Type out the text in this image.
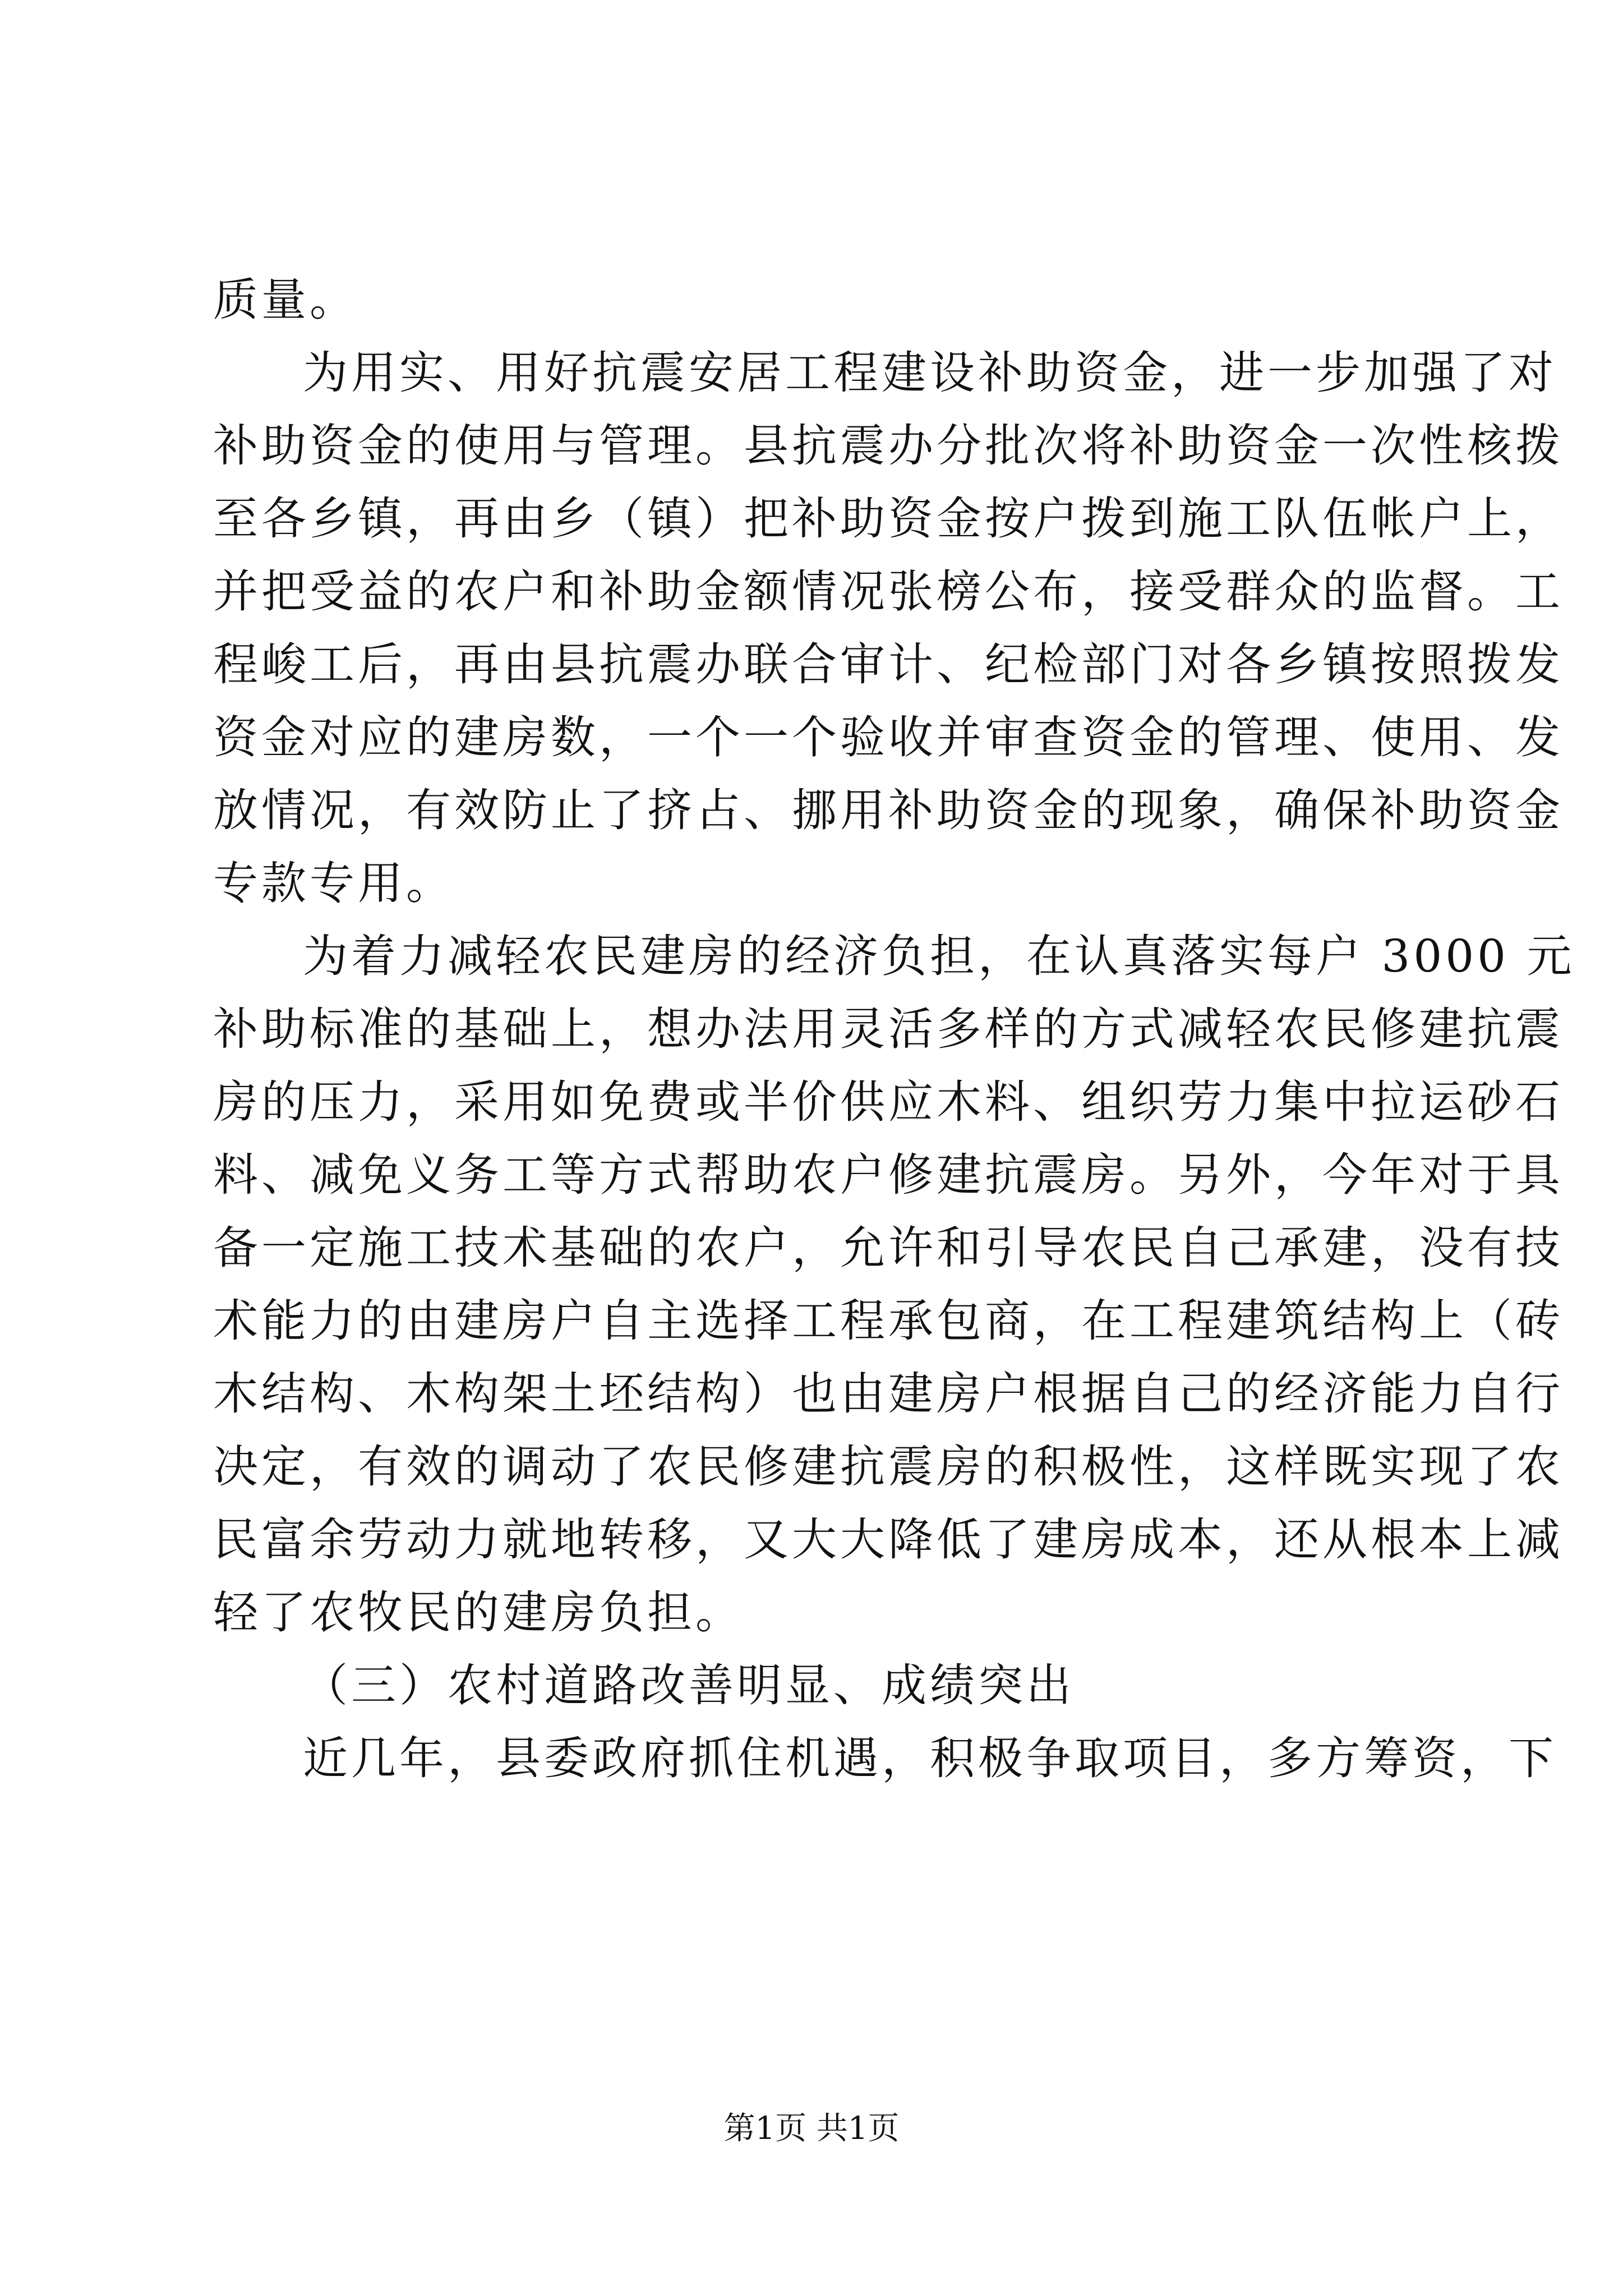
质量。
为用实、用好抗震安居工程建设补助资金，进一步加强了对
补助资金的使用与管理。县抗震办分批次将补助资金一次性核拨
至各乡镇，再由乡（镇）把补助资金按户拨到施工队伍帐户上，
并把受益的农户和补助金额情况张榜公布，接受群众的监督。工
程峻工后，再由县抗震办联合审计、纪检部门对各乡镇按照拨发
资金对应的建房数，一个一个验收并审查资金的管理、使用、发
放情况，有效防止了挤占、挪用补助资金的现象，确保补助资金
专款专用。
为着力减轻农民建房的经济负担，在认真落实每户 3000 元
补助标准的基础上，想办法用灵活多样的方式减轻农民修建抗震
房的压力，采用如免费或半价供应木料、组织劳力集中拉运砂石
料、减免义务工等方式帮助农户修建抗震房。另外，今年对于具
备一定施工技术基础的农户，允许和引导农民自己承建，没有技
术能力的由建房户自主选择工程承包商，在工程建筑结构上（砖
木结构、木构架土坯结构）也由建房户根据自己的经济能力自行
决定，有效的调动了农民修建抗震房的积极性，这样既实现了农
民富余劳动力就地转移，又大大降低了建房成本，还从根本上减
轻了农牧民的建房负担。
（三）农村道路改善明显、成绩突出
近几年，县委政府抓住机遇，积极争取项目，多方筹资，下
第1页 共1页
